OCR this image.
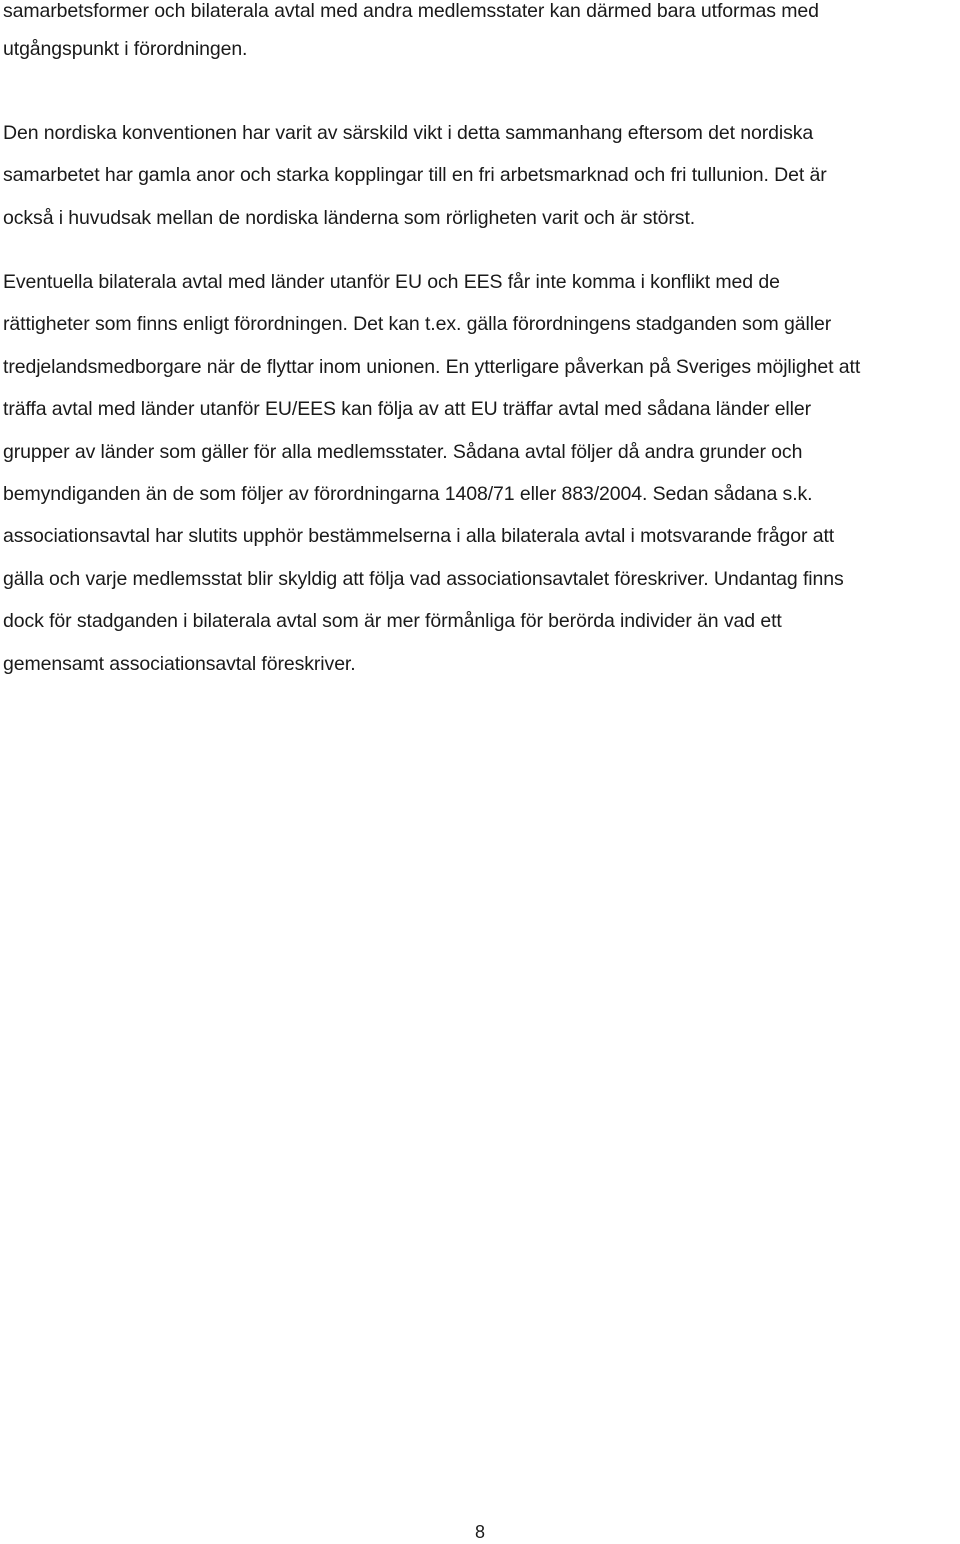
samarbetsformer och bilaterala avtal med andra medlemsstater kan därmed bara utformas med
utgångspunkt i förordningen.
Den nordiska konventionen har varit av särskild vikt i detta sammanhang eftersom det nordiska
samarbetet har gamla anor och starka kopplingar till en fri arbetsmarknad och fri tullunion. Det är
också i huvudsak mellan de nordiska länderna som rörligheten varit och är störst.
Eventuella bilaterala avtal med länder utanför EU och EES får inte komma i konflikt med de
rättigheter som finns enligt förordningen. Det kan t.ex. gälla förordningens stadganden som gäller
tredjelandsmedborgare när de flyttar inom unionen. En ytterligare påverkan på Sveriges möjlighet att
träffa avtal med länder utanför EU/EES kan följa av att EU träffar avtal med sådana länder eller
grupper av länder som gäller för alla medlemsstater. Sådana avtal följer då andra grunder och
bemyndiganden än de som följer av förordningarna 1408/71 eller 883/2004. Sedan sådana s.k.
associationsavtal har slutits upphör bestämmelserna i alla bilaterala avtal i motsvarande frågor att
gälla och varje medlemsstat blir skyldig att följa vad associationsavtalet föreskriver. Undantag finns
dock för stadganden i bilaterala avtal som är mer förmånliga för berörda individer än vad ett
gemensamt associationsavtal föreskriver.
8
